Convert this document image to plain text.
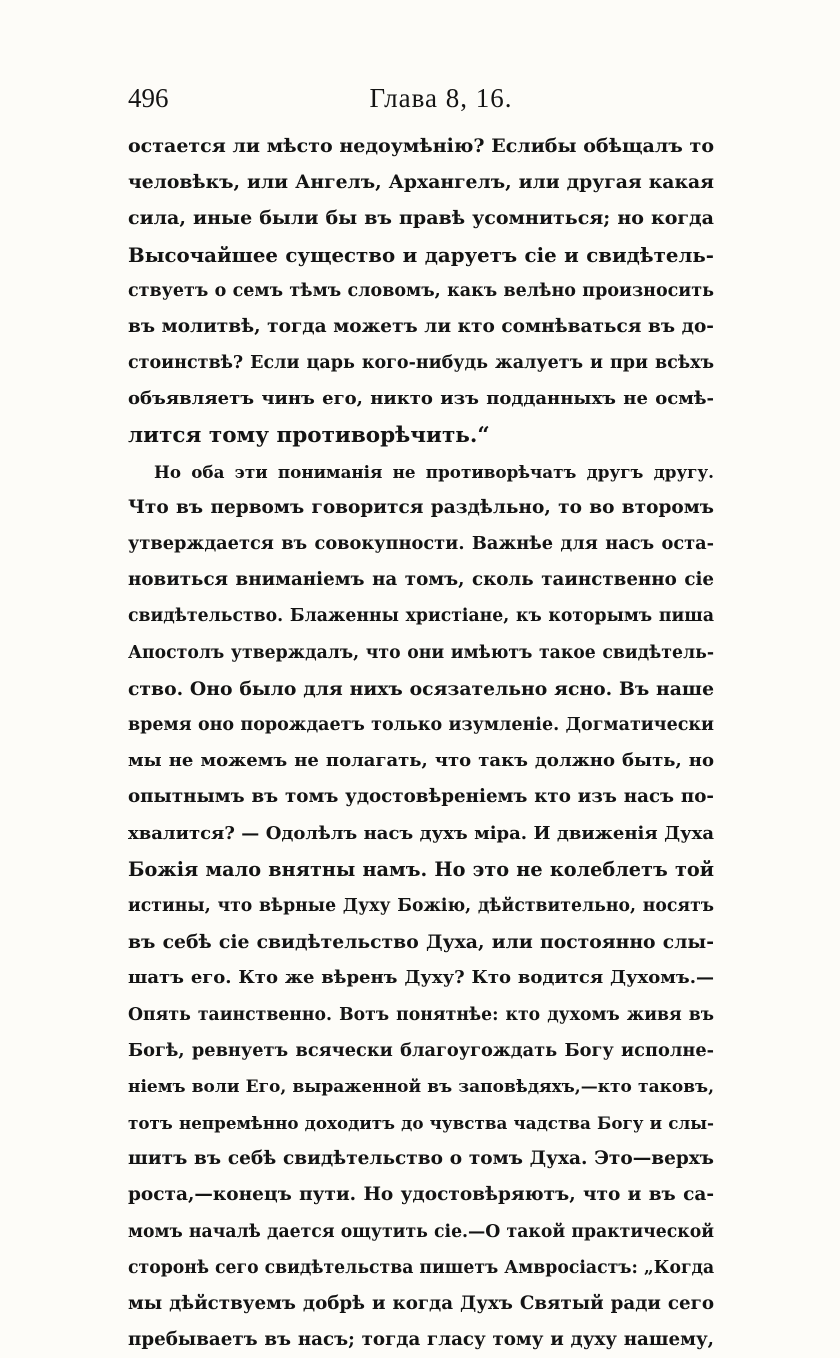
496	Глава 8, 16.
остается ли мѣсто недоумѣнію? Еслибы обѣщалъ то
человѣкъ, или Ангелъ, Архангелъ, или другая какая
сила, иные были бы въ правѣ усомниться; но когда
Высочайшее существо и даруетъ сіе и свидѣтель-
ствуетъ о семъ тѣмъ словомъ, какъ велѣно произносить
въ молитвѣ, тогда можетъ ли кто сомнѣваться въ до-
стоинствѣ? Если царь кого-нибудь жалуетъ и при всѣхъ
объявляетъ чинъ его, никто изъ подданныхъ не осмѣ-
лится тому противорѣчить.“
Но оба эти пониманія не противорѣчатъ другъ другу.
Что въ первомъ говорится раздѣльно, то во второмъ
утверждается въ совокупности. Важнѣе для насъ оста-
новиться вниманіемъ на томъ, сколь таинственно сіе
свидѣтельство. Блаженны христіане, къ которымъ пиша
Апостолъ утверждалъ, что они имѣютъ такое свидѣтель-
ство. Оно было для нихъ осязательно ясно. Въ наше
время оно порождаетъ только изумленіе. Догматически
мы не можемъ не полагать, что такъ должно быть, но
опытнымъ въ томъ удостовѣреніемъ кто изъ насъ по-
хвалится? — Одолѣлъ насъ духъ міра. И движенія Духа
Божія мало внятны намъ. Но это не колеблетъ той
истины, что вѣрные Духу Божію, дѣйствительно, носятъ
въ себѣ сіе свидѣтельство Духа, или постоянно слы-
шатъ его. Кто же вѣренъ Духу? Кто водится Духомъ.—
Опять таинственно. Вотъ понятнѣе: кто духомъ живя въ
Богѣ, ревнуетъ всячески благоугождать Богу исполне-
ніемъ воли Его, выраженной въ заповѣдяхъ,—кто таковъ,
тотъ непремѣнно доходитъ до чувства чадства Богу и слы-
шитъ въ себѣ свидѣтельство о томъ Духа. Это—верхъ
роста,—конецъ пути. Но удостовѣряютъ, что и въ са-
момъ началѣ дается ощутить сіе.—О такой практической
сторонѣ сего свидѣтельства пишетъ Амвросіастъ: „Когда
мы дѣйствуемъ добрѣ и когда Духъ Святый ради сего
пребываетъ въ насъ; тогда гласу тому и духу нашему,
